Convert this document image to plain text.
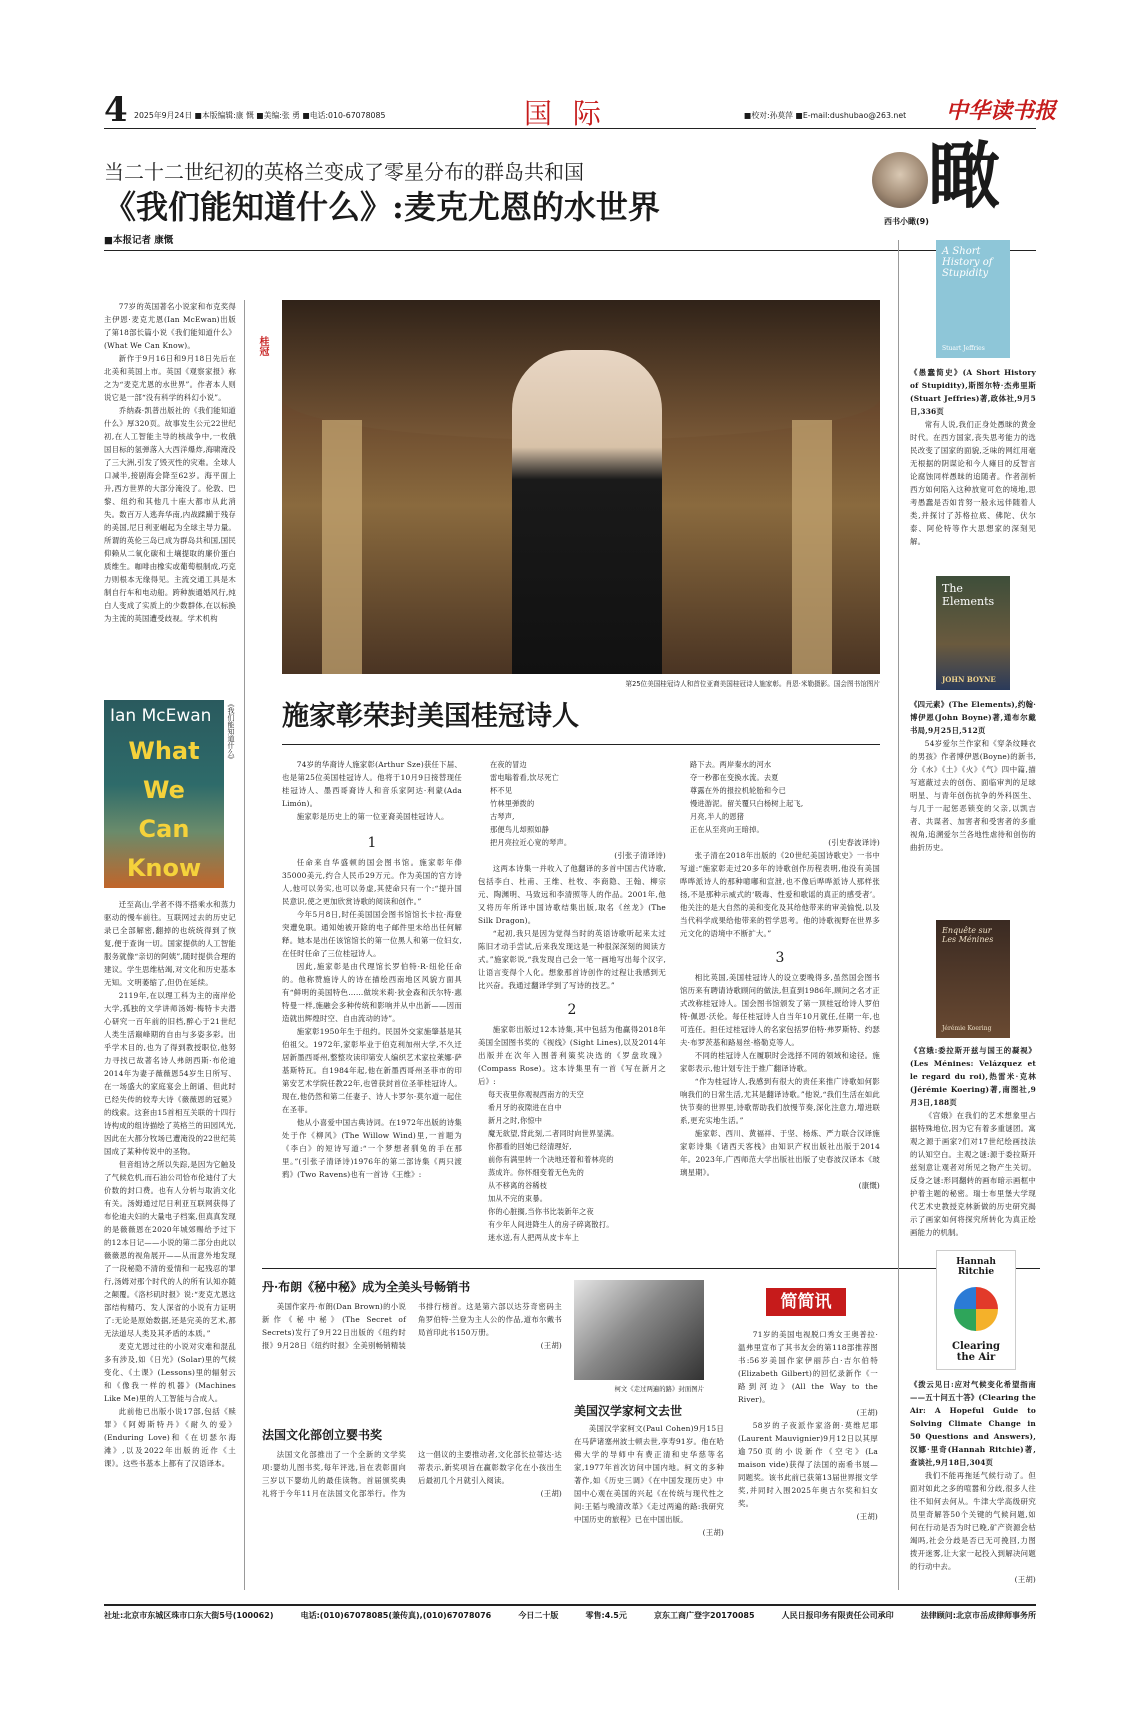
4 2025年9月24日 ■本版编辑:康 慨 ■美编:张 勇 ■电话:010-67078085	国 际	■校对:孙莫萍 ■E-mail:dushubao@263.net	中华读书报
当二十二世纪初的英格兰变成了零星分布的群岛共和国
《我们能知道什么》:麦克尤恩的水世界
■本报记者 康慨
瞰
西书小瞰(9)

77岁的英国著名小说家和布克奖得主伊恩·麦克尤恩(Ian McEwan)出版了第18部长篇小说《我们能知道什么》(What We Can Know)。

新作于9月16日和9月18日先后在北美和英国上市。英国《观察家报》称之为“麦克尤恩的水世界”。作者本人则说它是一部“没有科学的科幻小说”。

乔纳森·凯普出版社的《我们能知道什么》厚320页。故事发生公元22世纪初,在人工智能主导的核战争中,一枚俄国目标的氢弹落入大西洋爆炸,海啸淹没了三大洲,引发了毁灭性的灾难。全球人口减半,接剧海会降至62岁。海平面上升,西方世界的大部分淹没了。伦敦、巴黎、纽约和其他几十座大都市从此消失。数百万人逃奔华南,内战蹂躏于残存的美国,尼日利亚崛起为全球主导力量。所谓的英伦三岛已成为群岛共和国,国民仰赖从二氧化碳和土壤提取的廉价蛋白质维生。咖啡由橡实或葡萄根制成,巧克力则根本无缘得见。主流交通工具是木制自行车和电动船。跨种族通婚风行,纯白人变成了实质上的少数群体,在以标换为主流的英国遭受歧视。学术机构

桂冠
Ian McEwan
What
We
Can
Know
《我们能知道什么》

迁至高山,学者不得不搭乘水和蒸力驱动的慢车前往。互联网过去的历史记录已全部解密,翻掉的也统统得到了恢复,便于查询一切。国家提供的人工智能服务就像“亲切的阿姨”,随时提供合理的建议。学生思维枯竭,对文化和历史基本无知。文明萎缩了,但仍在延续。

2119年,在以理工科为主的南岸伦大学,孤独的文学讲师汤姆·梅特卡夫潜心研究一百年前的旧档,醉心于21世纪人类生活巅峰期的自由与多姿多彩。出乎学术目的,也为了得到教授职位,他努力寻找已故著名诗人弗朗西斯·布伦迪2014年为妻子薇薇恩54岁生日所写、在一场盛大的家庭宴会上朗诵、但此时已经失传的较寿大诗《薇薇恩的冠冕》的线索。这套由15首相互关联的十四行诗构成的组诗描绘了英格兰的田园风光,因此在大都分牧场已遭淹没的22世纪英国成了某种传说中的圣物。

但音组诗之所以失踪,是因为它触及了气候危机,而石油公司恰布伦迪付了大价数的封口费。也有人分析与取消文化有关。汤姆通过尼日利亚互联网获得了布伦迪夫妇的大量电子档案,但真真发现的是薇薇恩在2020年城郊赐给予过下的12本日记——小说的第二部分由此以薇薇恩的视角展开——从而意外地发现了一段秘隐不清的爱情和一起残忍的罪行,汤姆对那个时代的人的所有认知亦随之颠覆。《洛杉矶时报》说:“麦克尤恩这部结构精巧、发人深省的小说有力证明了:无论是原始数据,还是完美的艺术,都无法道尽人类及其矛盾的本质。”

麦克尤恩过往的小说对灾难和混乱多有涉及,如《日光》(Solar)里的气候变化、《土课》(Lessons)里的辐射云和《像我一样的机器》(Machines Like Me)里的人工智能与合成人。

此前他已出版小说17部,包括《赎罪》《阿姆斯特丹》《耐久的爱》(Enduring Love)和《在切瑟尔海滩》,以及2022年出版的近作《土课》。这些书基本上都有了汉语译本。

第25位美国桂冠诗人和首位亚裔美国桂冠诗人施家彰。肖恩·米勒摄影。国会图书馆图片
施家彰荣封美国桂冠诗人

74岁的华裔诗人施家彰(Arthur Sze)获任下届、也是第25位美国桂冠诗人。他将于10月9日接替现任桂冠诗人、墨西哥裔诗人和音乐家阿达·利蒙(Ada Limón)。

施家彰是历史上的第一位亚裔美国桂冠诗人。

1

任命来自华盛顿的国会图书馆。施家彰年俸35000美元,约合人民币29万元。作为美国的官方诗人,他可以务实,也可以务虚,其使命只有一个:“提升国民意识,使之更加欣赏诗歌的阅读和创作。”

今年5月8日,时任美国国会图书馆馆长卡拉·海登突遭免职。通知她被开除的电子邮件里未给出任何解释。她本是出任该馆馆长的第一位黑人和第一位妇女,在任时任命了三位桂冠诗人。

因此,施家彰是由代理馆长罗伯特·R·纽伦任命的。他称赞施诗人的诗在描绘西南地区风貌方面具有“鲜明的美国特色……做埃米莉·狄金森和沃尔特·惠特曼一样,施融会多种传统和影响并从中出新——因而造就出辉煌时空、自由流动的诗”。

施家彰1950年生于纽约。民国外交家施肇基是其伯祖父。1972年,家彰毕业于伯克利加州大学,不久迁居新墨西哥州,整整攻读印第安人编织艺术家拉莱娜·萨基斯特瓦。自1984年起,他在新墨西哥州圣菲市的印第安艺术学院任教22年,也曾获封首位圣菲桂冠诗人。现在,他仍然和第二任妻子、诗人卡罗尔·莫尔道一起住在圣菲。

他从小喜爱中国古典诗词。在1972年出版的诗集处于作《柳风》(The Willow Wind)里,一首题为《李白》的短诗写道:“一个梦想者驯兔的手在那里。”(引张子清译诗)1976年的第二部诗集《两只渡鸦》(Two Ravens)也有一首诗《王维》:

在夜的冒边
雷电嗡着看,饮尽死亡
杯不见
竹林里弹拨的
古琴声,
那便鸟儿却照如静
把月亮拉近心宽的琴声。
(引张子清译诗)

这两本诗集一并收入了他翻译的多首中国古代诗歌,包括李白、杜甫、王维、杜牧、李商隐、王翰、柳宗元、陶渊明、马致远和李清照等人的作品。2001年,他又将历年所译中国诗歌结集出版,取名《丝龙》(The Silk Dragon)。

“起初,我只是因为觉得当时的英语诗歌听起来太过陈旧才动手尝试,后来我发现这是一种很深深刻的阅读方式。”施家彰说,“我发现自己会一笔一画地写出每个汉字,让语言变得个人化。想象那首诗创作的过程让我感到无比兴奋。我通过翻译学到了写诗的技艺。”

2

施家彰出版过12本诗集,其中包括为他赢得2018年美国全国图书奖的《视线》(Sight Lines),以及2014年出版并在次年入围普利策奖决选的《罗盘玫瑰》(Compass Rose)。这本诗集里有一首《写在新月之后》:

每天夜里你观视西南方的天空
希月牙的夜隙进在自中
新月之时,你惊中
魔无欲望,背此刻,二者同时向世界显满。
你都看的回她已经清理好,
前你有满里转一个决地还着和着林亮的
蒸成许。你怀细变着无色先的
从不移离的谷稀枝
加从不完的束暴。
你的心脏搁,当你书比装新年之夜
有少年人间进降生人的房子碎离散打。
迷水送,有人把两从皮卡车上
路下去。两岸秦水的河水
夺一秒都在变换水流。去夏
尊露在外的报拉机轮胎和今已
慢进游泥。留关覆只白杨树上起飞,
月亮,半人的恩猪
正在从至亮向王暗掉。
(引史春波译诗)

张子清在2018年出版的《20世纪美国诗歌史》一书中写道:“施家彰走过20多年的诗歌创作历程表明,他没有美国哗哗派诗人的那种噫嘟和宣泄,也不像后哗哗派诗人那样张扬,不是那种示威式的‘吸毒、性爱和歌谣的真正的感受者’。他关注的是大自然的美和变化及其给他带来的审美愉悦,以及当代科学成果给他带来的哲学思考。他的诗歌视野在世界多元文化的语境中不断扩大。”

3

相比英国,美国桂冠诗人的设立要晚得多,虽然国会图书馆历来有聘请诗歌顾问的做法,但直到1986年,顾问之名才正式改称桂冠诗人。国会图书馆颁发了第一顶桂冠给诗人罗伯特·佩恩·沃伦。每任桂冠诗人自当年10月就任,任期一年,也可连任。担任过桂冠诗人的名家包括罗伯特·弗罗斯特、约瑟夫·布罗茨基和路易丝·格勒克等人。

不同的桂冠诗人在履职时会选择不同的领域和途径。施家彰表示,他计划专注于推广翻译诗歌。

“作为桂冠诗人,我感到有很大的责任来推广诗歌如何影响我们的日常生活,尤其是翻译诗歌。”他说,“我们生活在如此快节奏的世界里,诗歌帮助我们放慢节奏,深化注意力,增进联系,更充实地生活。”

施家彰、西川、黄福祥、于坚、杨炼、严力联合汉译施家彰诗集《诸西天客栈》由知识产权出版社出版于2014年。2023年,广西师范大学出版社出版了史春波汉译本《玻璃星期》。

(康慨)
丹·布朗《秘中秘》成为全美头号畅销书

美国作家丹·布朗(Dan Brown)的小说新作《秘中秘》(The Secret of Secrets)发行了9月22日出版的《纽约时报》9月28日《纽约时报》全美别畅销精装书排行榜首。这是第六部以达芬奇密码主角罗伯特·兰登为主人公的作品,道布尔戴书局首印此书150万册。

(王胡)
法国文化部创立婴书奖

法国文化部推出了一个全新的文学奖项:婴幼儿图书奖,每年评选,旨在表彰面向三岁以下婴幼儿的最佳读物。首届颁奖典礼将于今年11月在法国文化部举行。作为这一倡议的主要推动者,文化部长拉蒂达·达蒂表示,新奖项旨在赢彰数字化在小孩出生后最初几个月就引入阅读。

(王胡)
柯文《走过两遍的路》封面图片
美国汉学家柯文去世

美国汉学家柯文(Paul Cohen)9月15日在马萨诸塞州波士顿去世,享寿91岁。他在哈佛大学的导师中有费正清和史华慈等名家,1977年首次访问中国内地。柯文的多种著作,如《历史三调》《在中国发现历史》中国中心观在美国的兴起《在传统与现代性之间:王韬与晚清改革》《走过两遍的路:我研究中国历史的旅程》已在中国出版。

(王胡)
简简讯

71岁的美国电视脱口秀女王奥普拉·温弗里宣布了其书友会的第118部推荐图书:56岁美国作家伊丽莎白·吉尔伯特(Elizabeth Gilbert)的回忆录新作《一路到河边》(All the Way to the River)。

(王胡)

58岁的子夜派作家洛朗·莫维尼耶(Laurent Mauvignier)9月12日以其厚逾750页的小说新作《空宅》(La maison vide)获得了法国的南希书展—同题奖。该书此前已获第13届世界报文学奖,并同时入围2025年奥古尔奖和妇女奖。

(王胡)
A Short History of Stupidity
Stuart Jeffries
《愚蠢简史》(A Short History of Stupidity),斯图尔特·杰弗里斯(Stuart Jeffries)著,政体社,9月5日,336页

常有人说,我们正身处愚昧的黄金时代。在西方国家,丧失思考能力的选民改变了国家的面貌,乏味的网红用毫无根据的阴谋论和今人瘫目的反智言论腐蚀同样愚昧的追随者。作者剖析西方如何陷入这种放宽可危的境地,思考愚蠢是否如肯努一般永远伴随着人类,并探讨了苏格拉底、佛陀、伏尔泰、阿伦特等作大思想家的深刻见解。

The Elements
JOHN BOYNE
《四元素》(The Elements),约翰·博伊恩(John Boyne)著,通布尔戴书局,9月25日,512页

54岁爱尔兰作家和《穿条纹睡衣的男孩》作者博伊恩(Boyne)的新书,分《水》《土》《火》《气》四中篇,描写遮蔽过去的创伤、面临审判的足球明星、与青年创伤抗争的外科医生、与几于一起惩恶锁变的父亲,以凯吉者、共谋者、加害者和受害者的多重视角,追溯爱尔兰各地性虐待和创伤的曲折历史。

Enquête sur Les Ménines
Jérémie Koering
《宫娥:委拉斯开兹与国王的凝视》(Les Ménines: Velázquez et le regard du roi),热雷米·克林(Jérémie Koering)著,南图社,9月3日,188页

《宫娥》在我们的艺术想象里占据特殊地位,因为它有着多重谜团。寓观之源于画家?们对17世纪绘画技法的认知空白。主观之谜:源于委拉斯开兹刻意让观者对所见之物产生关切。反身之谜:形同翻转的画布暗示画框中护着主题的秘密。瑞士布里堡大学现代艺术史教授克林新做的历史研究揭示了画家如何将探究所转化为真正绘画能力的机制。

Hannah Ritchie
Clearing the Air
《拨云见日:应对气候变化希望指南——五十问五十答》(Clearing the Air: A Hopeful Guide to Solving Climate Change in 50 Questions and Answers),汉娜·里奇(Hannah Ritchie)著,查谈社,9月18日,304页

我们不能再拖延气候行动了。但面对如此之多的喧嚣和分歧,很多人往往不知何去何从。牛津大学高级研究员里奇解答50个关键的气候问题,如何在行动是否为时已晚,矿产资源会枯竭吗,社会分歧是否已无可挽回,力图拨开迷雾,让大家一起投入到解决问题的行动中去。

(王胡)
社址:北京市东城区珠市口东大街5号(100062)	电话:(010)67078085(兼传真),(010)67078076	今日二十版	零售:4.5元	京东工商广登字20170085	人民日报印务有限责任公司承印	法律顾问:北京市岳成律师事务所
